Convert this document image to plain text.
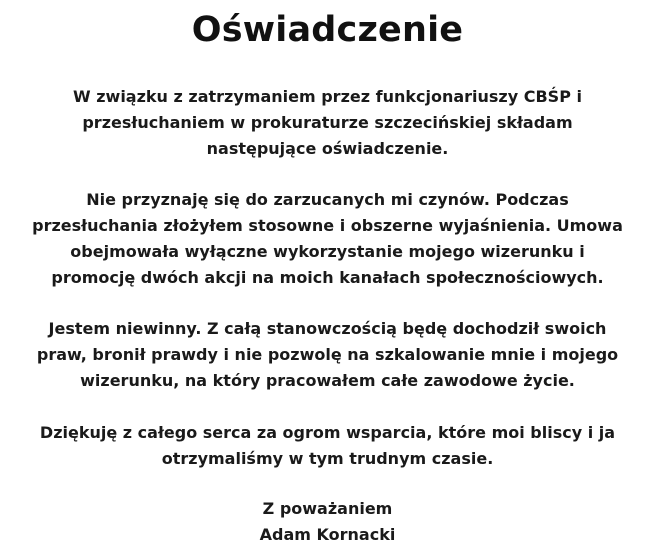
Oświadczenie
W związku z zatrzymaniem przez funkcjonariuszy CBŚP i
przesłuchaniem w prokuraturze szczecińskiej składam
następujące oświadczenie.
Nie przyznaję się do zarzucanych mi czynów. Podczas
przesłuchania złożyłem stosowne i obszerne wyjaśnienia. Umowa
obejmowała wyłączne wykorzystanie mojego wizerunku i
promocję dwóch akcji na moich kanałach społecznościowych.
Jestem niewinny. Z całą stanowczością będę dochodził swoich
praw, bronił prawdy i nie pozwolę na szkalowanie mnie i mojego
wizerunku, na który pracowałem całe zawodowe życie.
Dziękuję z całego serca za ogrom wsparcia, które moi bliscy i ja
otrzymaliśmy w tym trudnym czasie.
Z poważaniem
Adam Kornacki
